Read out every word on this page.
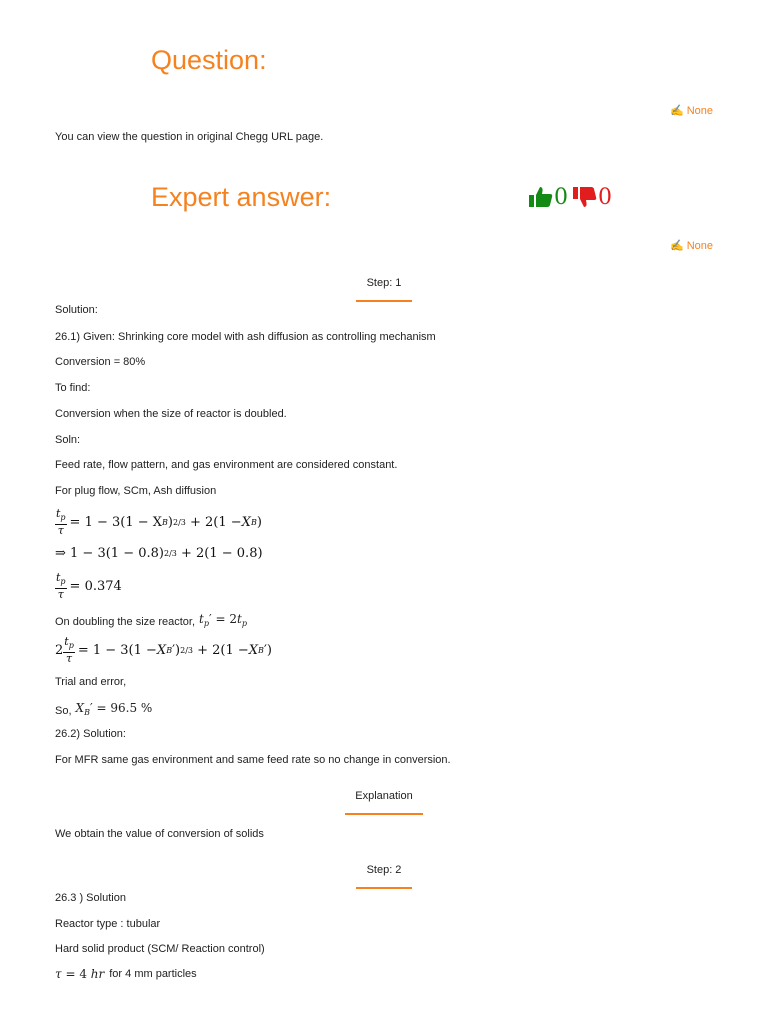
Question:
✍ None

You can view the question in original Chegg URL page.

Expert answer:	0 0
✍ None
Step: 1

Solution:

26.1) Given: Shrinking core model with ash diffusion as controlling mechanism

Conversion = 80%

To find:

Conversion when the size of reactor is doubled.

Soln:

Feed rate, flow pattern, and gas environment are considered constant.

For plug flow, SCm, Ash diffusion

$\frac{t_p}{\tau} = 1 - 3(1 - X$ B ) 2/3 + 2(1 − X B )
⇒ 1 − 3(1 − 0.8) 2/3 + 2(1 − 0.8)
$\frac{t_p}{\tau} = 0.374$
On doubling the size reactor, $t_p' = 2t_p$
$2 \frac{t_p}{\tau} = 1 - 3(1 - X$ B ′) 2/3 + 2(1 − X B ′)

Trial and error,

So, $X_B' = 96.5$ %

26.2) Solution:

For MFR same gas environment and same feed rate so no change in conversion.

Explanation

We obtain the value of conversion of solids

Step: 2

26.3 ) Solution

Reactor type : tubular

Hard solid product (SCM/ Reaction control)

τ = 4 hr for 4 mm particles
